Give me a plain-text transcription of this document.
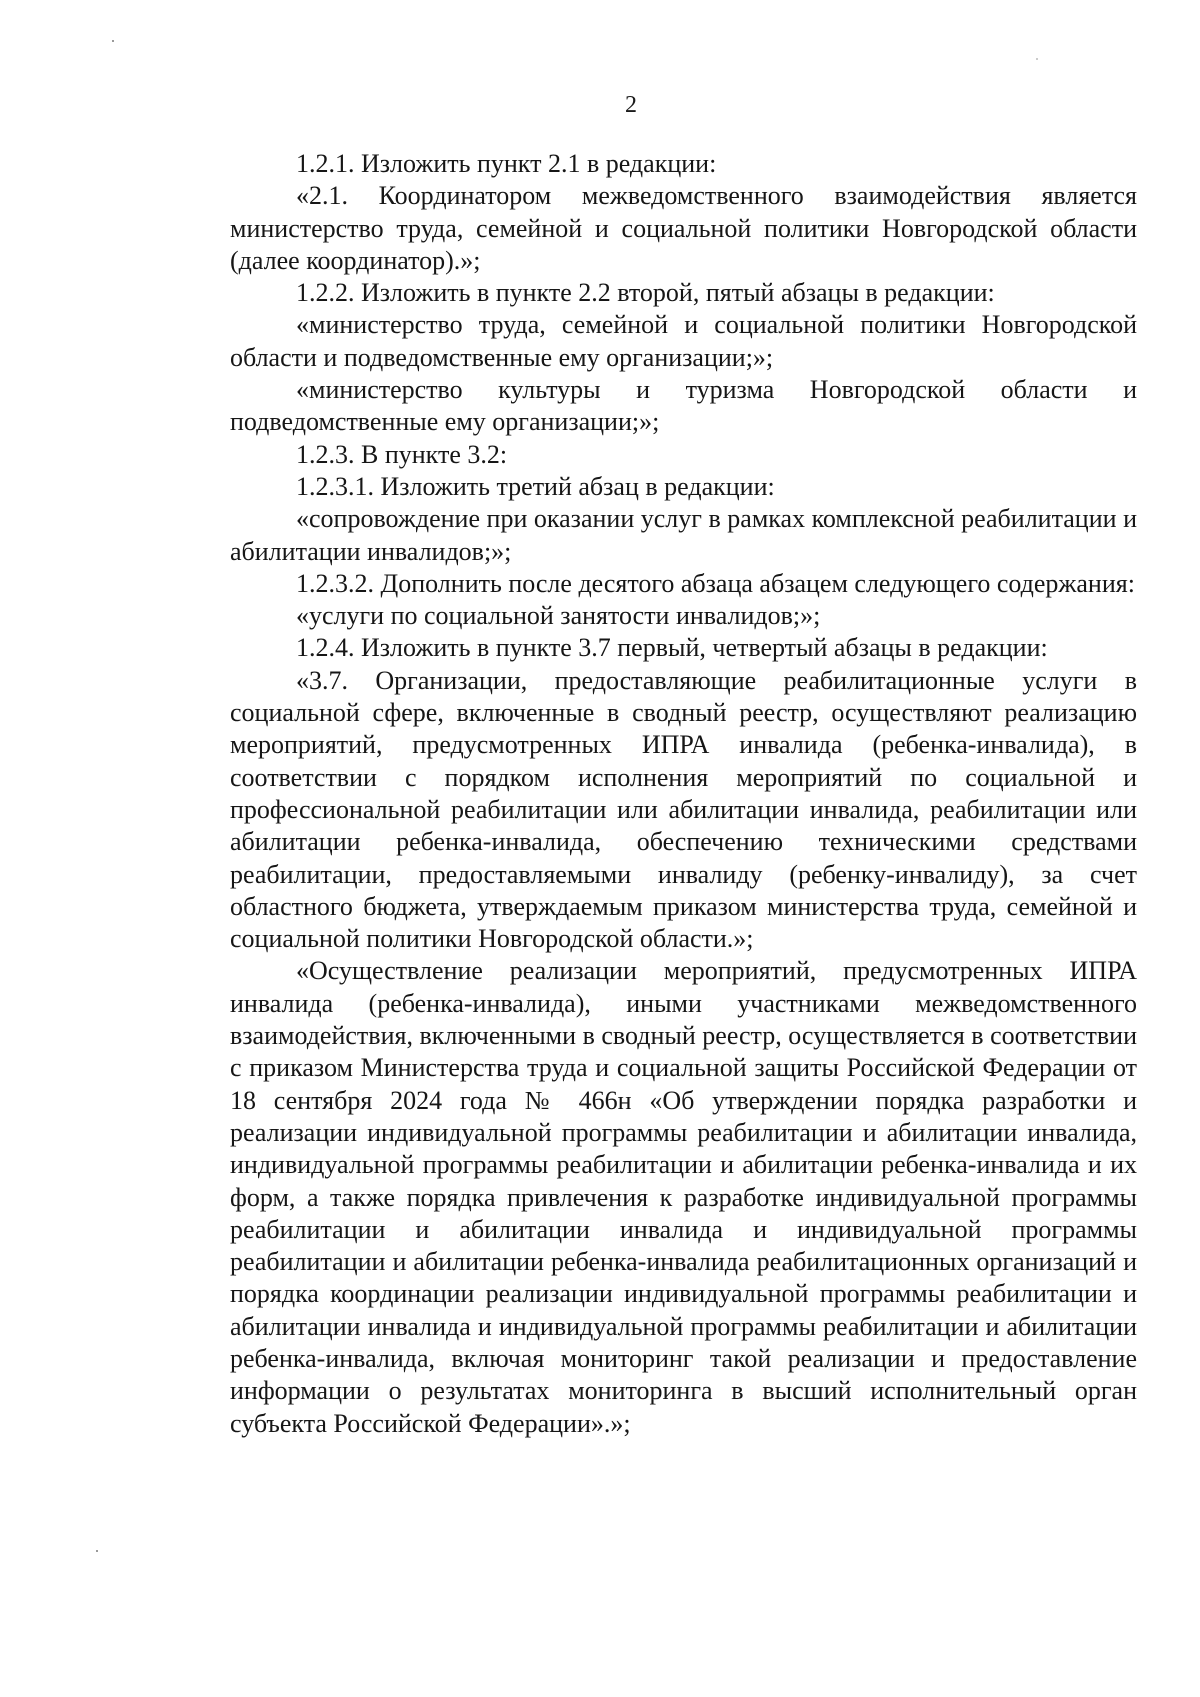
2

1.2.1. Изложить пункт 2.1 в редакции:

«2.1. Координатором межведомственного взаимодействия является министерство труда, семейной и социальной политики Новгородской области (далее координатор).»;

1.2.2. Изложить в пункте 2.2 второй, пятый абзацы в редакции:

«министерство труда, семейной и социальной политики Новгородской области и подведомственные ему организации;»;

«министерство культуры и туризма Новгородской области и подведомственные ему организации;»;

1.2.3. В пункте 3.2:

1.2.3.1. Изложить третий абзац в редакции:

«сопровождение при оказании услуг в рамках комплексной реабилитации и абилитации инвалидов;»;

1.2.3.2. Дополнить после десятого абзаца абзацем следующего содержания:

«услуги по социальной занятости инвалидов;»;

1.2.4. Изложить в пункте 3.7 первый, четвертый абзацы в редакции:

«3.7. Организации, предоставляющие реабилитационные услуги в социальной сфере, включенные в сводный реестр, осуществляют реализацию мероприятий, предусмотренных ИПРА инвалида (ребенка-инвалида), в соответствии с порядком исполнения мероприятий по социальной и профессиональной реабилитации или абилитации инвалида, реабилитации или абилитации ребенка-инвалида, обеспечению техническими средствами реабилитации, предоставляемыми инвалиду (ребенку-инвалиду), за счет областного бюджета, утверждаемым приказом министерства труда, семейной и социальной политики Новгородской области.»;

«Осуществление реализации мероприятий, предусмотренных ИПРА инвалида (ребенка-инвалида), иными участниками межведомственного взаимодействия, включенными в сводный реестр, осуществляется в соответствии с приказом Министерства труда и социальной защиты Российской Федерации от 18 сентября 2024 года № 466н «Об утверждении порядка разработки и реализации индивидуальной программы реабилитации и абилитации инвалида, индивидуальной программы реабилитации и абилитации ребенка-инвалида и их форм, а также порядка привлечения к разработке индивидуальной программы реабилитации и абилитации инвалида и индивидуальной программы реабилитации и абилитации ребенка-инвалида реабилитационных организаций и порядка координации реализации индивидуальной программы реабилитации и абилитации инвалида и индивидуальной программы реабилитации и абилитации ребенка-инвалида, включая мониторинг такой реализации и предоставление информации о результатах мониторинга в высший исполнительный орган субъекта Российской Федерации».»;
